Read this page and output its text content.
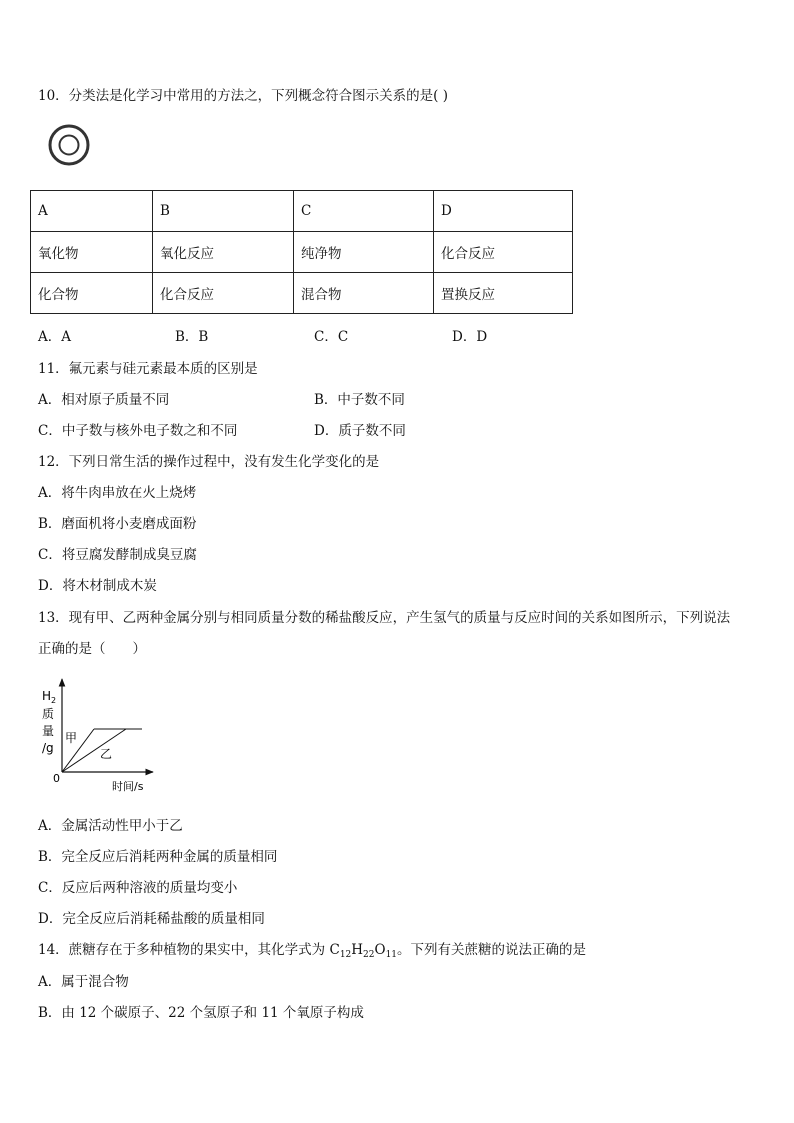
10．分类法是化学习中常用的方法之，下列概念符合图示关系的是( )
A	B	C	D
氧化物	氧化反应	纯净物	化合反应
化合物	化合反应	混合物	置换反应
A．A	B．B	C．C	D．D
11．氟元素与硅元素最本质的区别是
A．相对原子质量不同	B．中子数不同
C．中子数与核外电子数之和不同	D．质子数不同
12．下列日常生活的操作过程中，没有发生化学变化的是
A．将牛肉串放在火上烧烤
B．磨面机将小麦磨成面粉
C．将豆腐发酵制成臭豆腐
D．将木材制成木炭
13．现有甲、乙两种金属分别与相同质量分数的稀盐酸反应，产生氢气的质量与反应时间的关系如图所示，下列说法
正确的是（　　）
$H_2$
质
量
/g
0
时间/s
甲
乙
A．金属活动性甲小于乙
B．完全反应后消耗两种金属的质量相同
C．反应后两种溶液的质量均变小
D．完全反应后消耗稀盐酸的质量相同
14．蔗糖存在于多种植物的果实中，其化学式为 $C_{12}H_{22}O_{11}$。下列有关蔗糖的说法正确的是
A．属于混合物
B．由 12 个碳原子、22 个氢原子和 11 个氧原子构成
